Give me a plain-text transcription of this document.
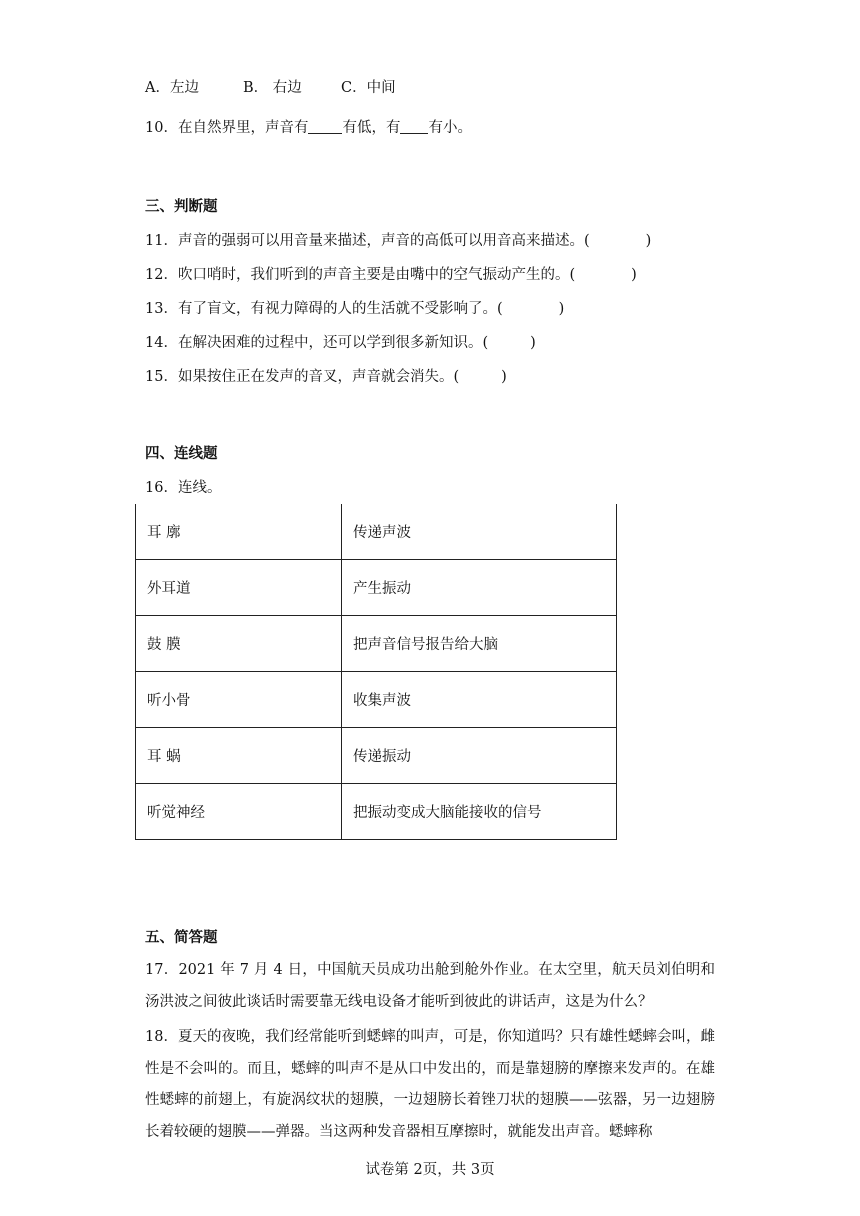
A．左边	B． 右边	C．中间
10．在自然界里，声音有 有低，有 有小。
三、判断题
11．声音的强弱可以用音量来描述，声音的高低可以用音高来描述。(	)
12．吹口哨时，我们听到的声音主要是由嘴中的空气振动产生的。(	)
13．有了盲文，有视力障碍的人的生活就不受影响了。(	)
14．在解决困难的过程中，还可以学到很多新知识。(	)
15．如果按住正在发声的音叉，声音就会消失。(	)
四、连线题
16．连线。
耳 廓	传递声波
外耳道	产生振动
鼓 膜	把声音信号报告给大脑
听小骨	收集声波
耳 蜗	传递振动
听觉神经	把振动变成大脑能接收的信号
五、简答题
17．2021 年 7 月 4 日，中国航天员成功出舱到舱外作业。在太空里，航天员刘伯明和汤洪波之间彼此谈话时需要靠无线电设备才能听到彼此的讲话声，这是为什么？
18．夏天的夜晚，我们经常能听到蟋蟀的叫声，可是，你知道吗？只有雄性蟋蟀会叫，雌性是不会叫的。而且，蟋蟀的叫声不是从口中发出的，而是靠翅膀的摩擦来发声的。在雄性蟋蟀的前翅上，有旋涡纹状的翅膜，一边翅膀长着锉刀状的翅膜——弦器，另一边翅膀长着较硬的翅膜——弹器。当这两种发音器相互摩擦时，就能发出声音。蟋蟀称
试卷第 2页，共 3页
